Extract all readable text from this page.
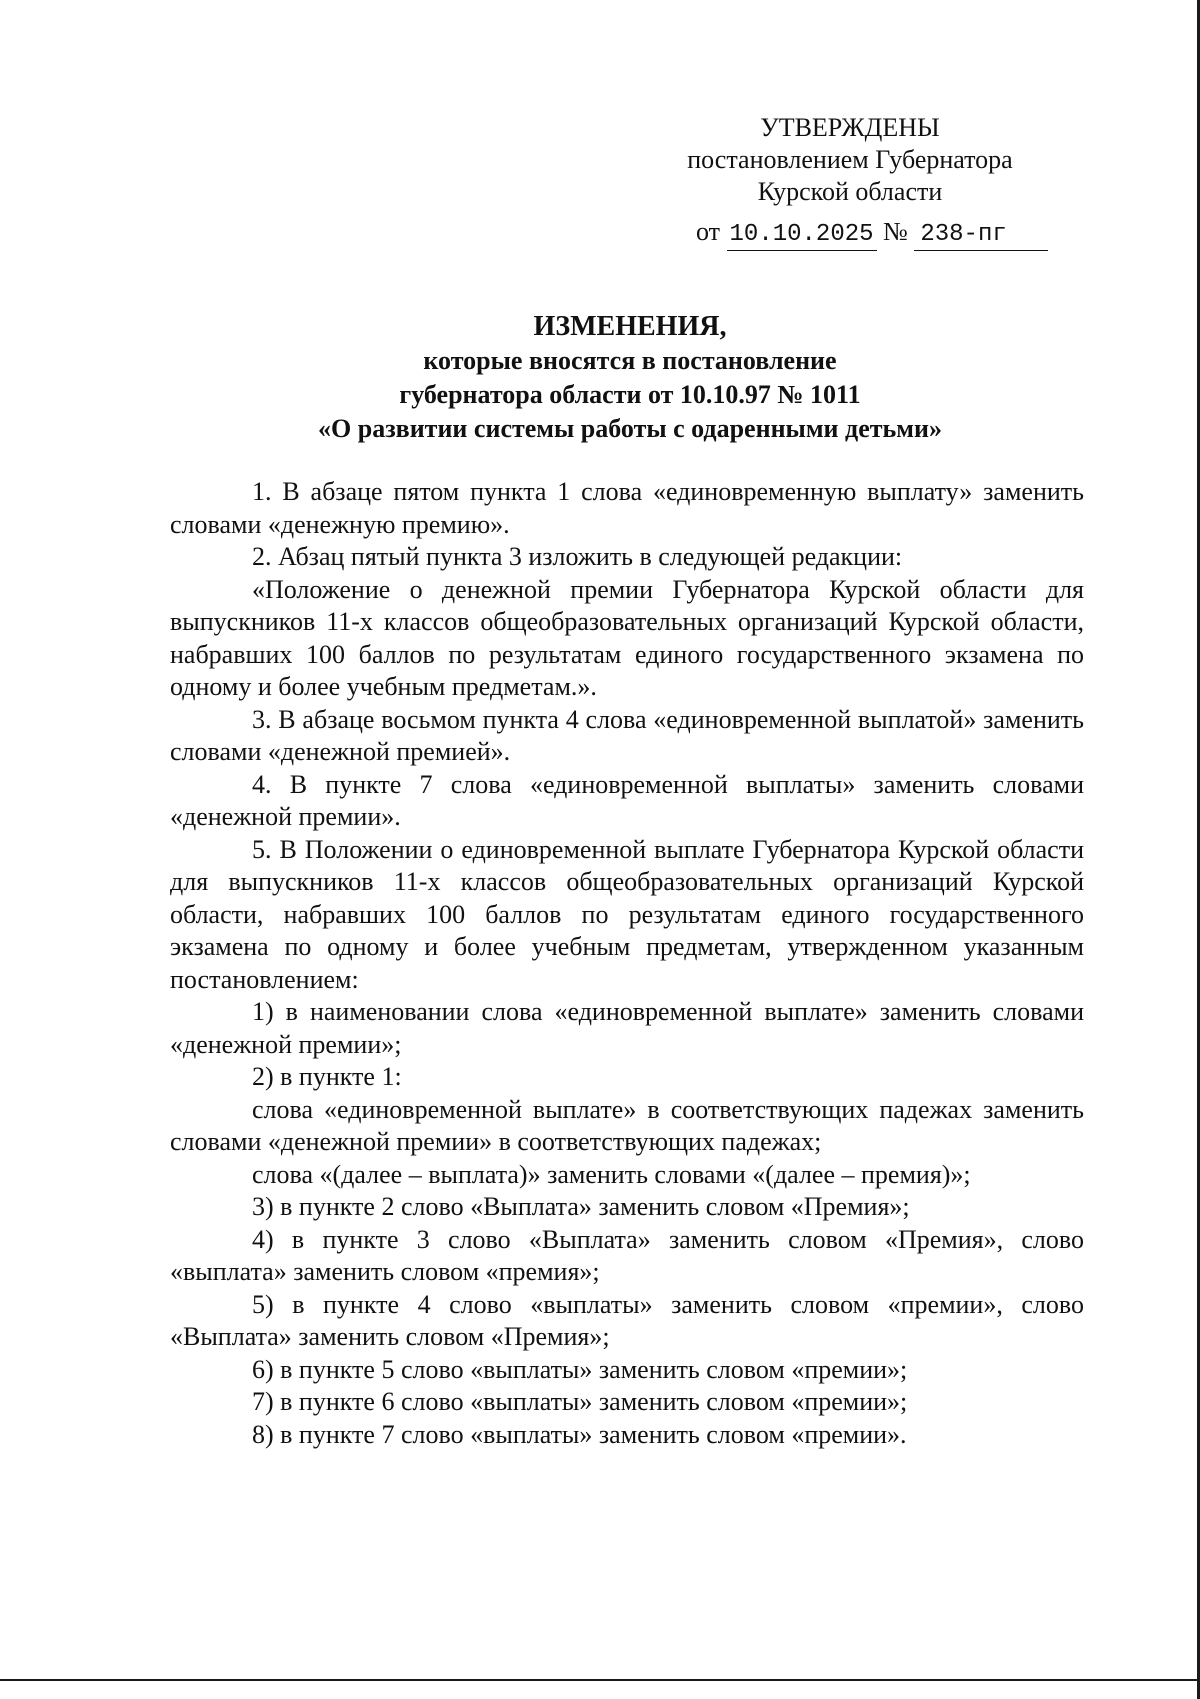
УТВЕРЖДЕНЫ
постановлением Губернатора
Курской области
от 10.10.2025 № 238-пг
ИЗМЕНЕНИЯ,
которые вносятся в постановление
губернатора области от 10.10.97 № 1011
«О развитии системы работы с одаренными детьми»

1. В абзаце пятом пункта 1 слова «единовременную выплату» заменить словами «денежную премию».

2. Абзац пятый пункта 3 изложить в следующей редакции:

«Положение о денежной премии Губернатора Курской области для выпускников 11-х классов общеобразовательных организаций Курской области, набравших 100 баллов по результатам единого государственного экзамена по одному и более учебным предметам.».

3. В абзаце восьмом пункта 4 слова «единовременной выплатой» заменить словами «денежной премией».

4. В пункте 7 слова «единовременной выплаты» заменить словами «денежной премии».

5. В Положении о единовременной выплате Губернатора Курской области для выпускников 11-х классов общеобразовательных организаций Курской области, набравших 100 баллов по результатам единого государственного экзамена по одному и более учебным предметам, утвержденном указанным постановлением:

1) в наименовании слова «единовременной выплате» заменить словами «денежной премии»;

2) в пункте 1:

слова «единовременной выплате» в соответствующих падежах заменить словами «денежной премии» в соответствующих падежах;

слова «(далее – выплата)» заменить словами «(далее – премия)»;

3) в пункте 2 слово «Выплата» заменить словом «Премия»;

4) в пункте 3 слово «Выплата» заменить словом «Премия», слово «выплата» заменить словом «премия»;

5) в пункте 4 слово «выплаты» заменить словом «премии», слово «Выплата» заменить словом «Премия»;

6) в пункте 5 слово «выплаты» заменить словом «премии»;

7) в пункте 6 слово «выплаты» заменить словом «премии»;

8) в пункте 7 слово «выплаты» заменить словом «премии».
